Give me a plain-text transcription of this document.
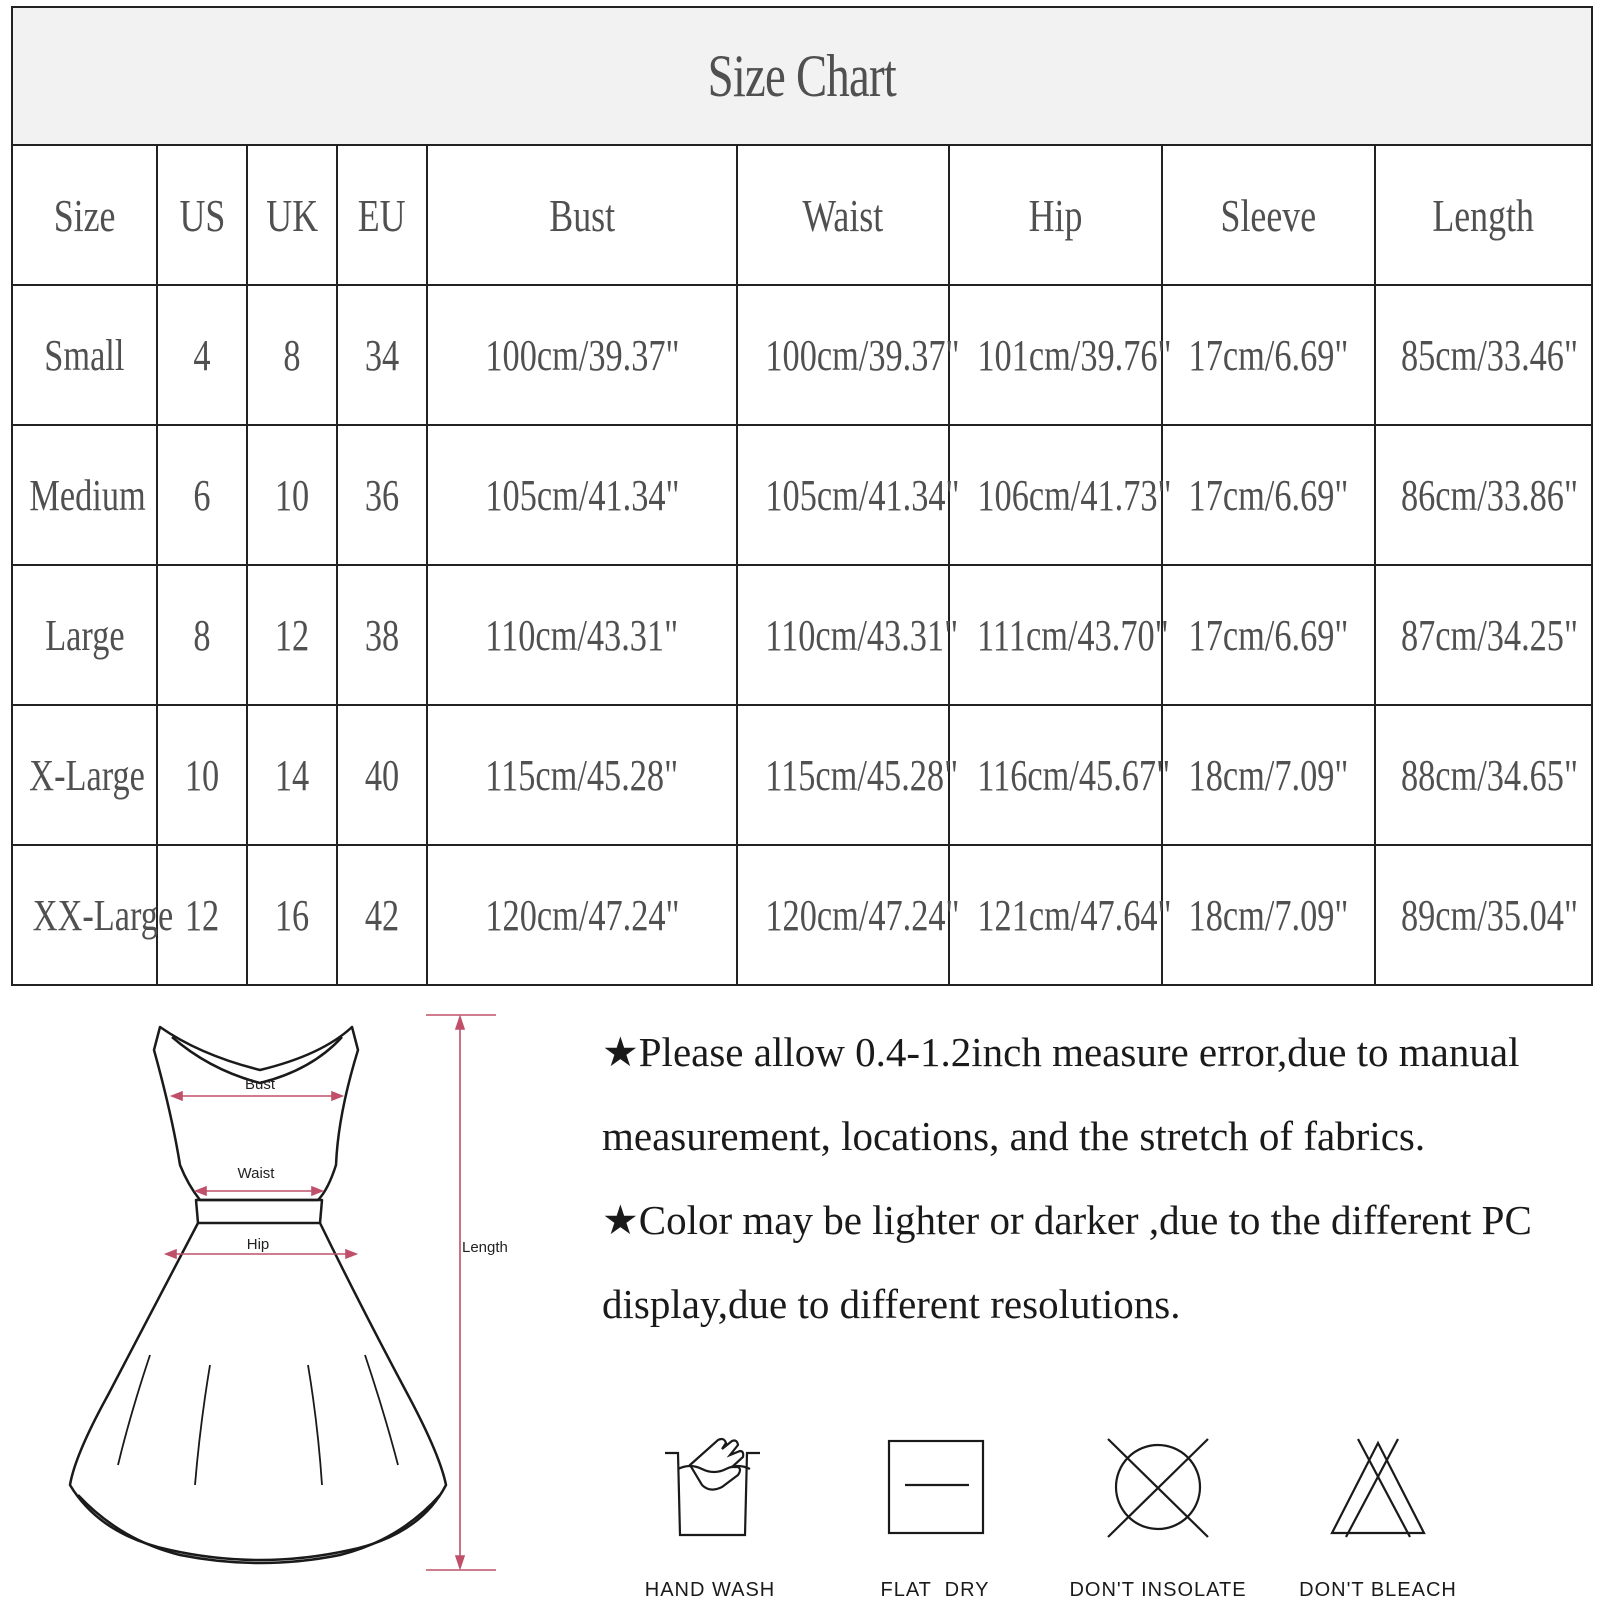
Size Chart								
Size	US	UK	EU	Bust	Waist	Hip	Sleeve	Length
Small	4	8	34	100cm/39.37"	100cm/39.37"	101cm/39.76"	17cm/6.69"	85cm/33.46"
Medium	6	10	36	105cm/41.34"	105cm/41.34"	106cm/41.73"	17cm/6.69"	86cm/33.86"
Large	8	12	38	110cm/43.31"	110cm/43.31"	111cm/43.70"	17cm/6.69"	87cm/34.25"
X-Large	10	14	40	115cm/45.28"	115cm/45.28"	116cm/45.67"	18cm/7.09"	88cm/34.65"
XX-Large	12	16	42	120cm/47.24"	120cm/47.24"	121cm/47.64"	18cm/7.09"	89cm/35.04"
Bust
Waist
Hip	Length

★Please allow 0.4-1.2inch measure error,due to manual measurement, locations, and the stretch of fabrics.

★Color may be lighter or darker ,due to the different PC display,due to different resolutions.

HAND WASH	FLAT  DRY	DON'T INSOLATE	DON'T BLEACH
